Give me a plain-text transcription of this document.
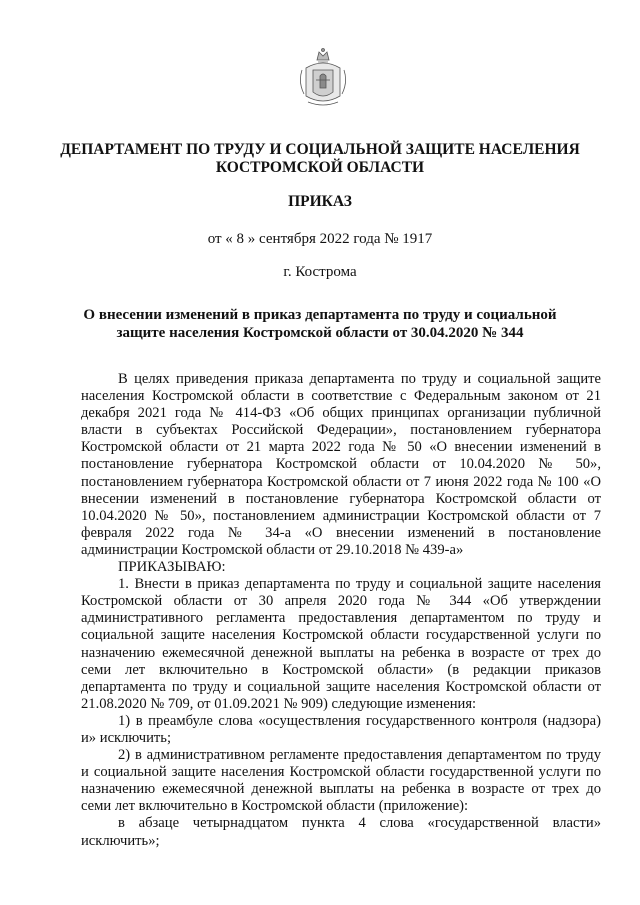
ДЕПАРТАМЕНТ ПО ТРУДУ И СОЦИАЛЬНОЙ ЗАЩИТЕ НАСЕЛЕНИЯ
КОСТРОМСКОЙ ОБЛАСТИ
ПРИКАЗ
от « 8 » сентября 2022 года № 1917
г. Кострома
О внесении изменений в приказ департамента по труду и социальной
защите населения Костромской области от 30.04.2020 № 344

В целях приведения приказа департамента по труду и социальной защите населения Костромской области в соответствие с Федеральным законом от 21 декабря 2021 года № 414-ФЗ «Об общих принципах организации публичной власти в субъектах Российской Федерации», постановлением губернатора Костромской области от 21 марта 2022 года № 50 «О внесении изменений в постановление губернатора Костромской области от 10.04.2020 № 50», постановлением губернатора Костромской области от 7 июня 2022 года № 100 «О внесении изменений в постановление губернатора Костромской области от 10.04.2020 № 50», постановлением администрации Костромской области от 7 февраля 2022 года № 34-а «О внесении изменений в постановление администрации Костромской области от 29.10.2018 № 439-а»

ПРИКАЗЫВАЮ:

1. Внести в приказ департамента по труду и социальной защите населения Костромской области от 30 апреля 2020 года № 344 «Об утверждении административного регламента предоставления департаментом по труду и социальной защите населения Костромской области государственной услуги по назначению ежемесячной денежной выплаты на ребенка в возрасте от трех до семи лет включительно в Костромской области» (в редакции приказов департамента по труду и социальной защите населения Костромской области от 21.08.2020 № 709, от 01.09.2021 № 909) следующие изменения:

1) в преамбуле слова «осуществления государственного контроля (надзора) и» исключить;

2) в административном регламенте предоставления департаментом по труду и социальной защите населения Костромской области государственной услуги по назначению ежемесячной денежной выплаты на ребенка в возрасте от трех до семи лет включительно в Костромской области (приложение):

в абзаце четырнадцатом пункта 4 слова «государственной власти» исключить»;
